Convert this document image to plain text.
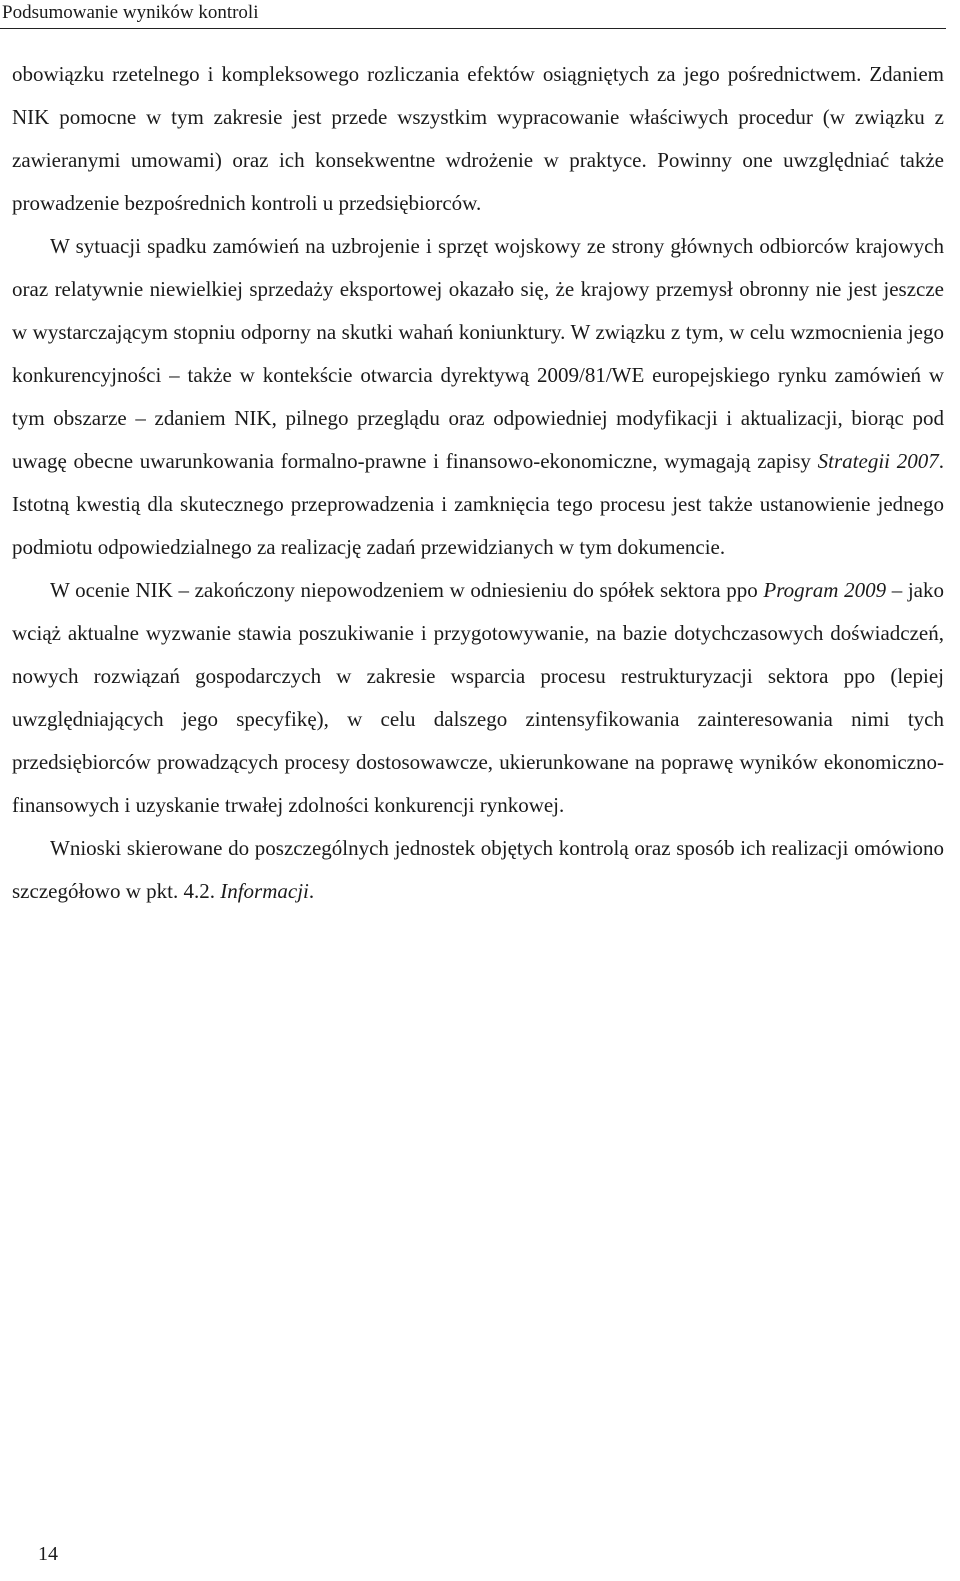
Podsumowanie wyników kontroli

obowiązku rzetelnego i kompleksowego rozliczania efektów osiągniętych za jego pośrednictwem. Zdaniem NIK pomocne w tym zakresie jest przede wszystkim wypracowanie właściwych procedur (w związku z zawieranymi umowami) oraz ich konsekwentne wdrożenie w praktyce. Powinny one uwzględniać także prowadzenie bezpośrednich kontroli u przedsiębiorców.

W sytuacji spadku zamówień na uzbrojenie i sprzęt wojskowy ze strony głównych odbiorców krajowych oraz relatywnie niewielkiej sprzedaży eksportowej okazało się, że krajowy przemysł obronny nie jest jeszcze w wystarczającym stopniu odporny na skutki wahań koniunktury. W związku z tym, w celu wzmocnienia jego konkurencyjności – także w kontekście otwarcia dyrektywą 2009/81/WE europejskiego rynku zamówień w tym obszarze – zdaniem NIK, pilnego przeglądu oraz odpowiedniej modyfikacji i aktualizacji, biorąc pod uwagę obecne uwarunkowania formalno-prawne i finansowo-ekonomiczne, wymagają zapisy Strategii 2007. Istotną kwestią dla skutecznego przeprowadzenia i zamknięcia tego procesu jest także ustanowienie jednego podmiotu odpowiedzialnego za realizację zadań przewidzianych w tym dokumencie.

W ocenie NIK – zakończony niepowodzeniem w odniesieniu do spółek sektora ppo Program 2009 – jako wciąż aktualne wyzwanie stawia poszukiwanie i przygotowywanie, na bazie dotychczasowych doświadczeń, nowych rozwiązań gospodarczych w zakresie wsparcia procesu restrukturyzacji sektora ppo (lepiej uwzględniających jego specyfikę), w celu dalszego zintensyfikowania zainteresowania nimi tych przedsiębiorców prowadzących procesy dostosowawcze, ukierunkowane na poprawę wyników ekonomiczno-finansowych i uzyskanie trwałej zdolności konkurencji rynkowej.

Wnioski skierowane do poszczególnych jednostek objętych kontrolą oraz sposób ich realizacji omówiono szczegółowo w pkt. 4.2. Informacji.

14
